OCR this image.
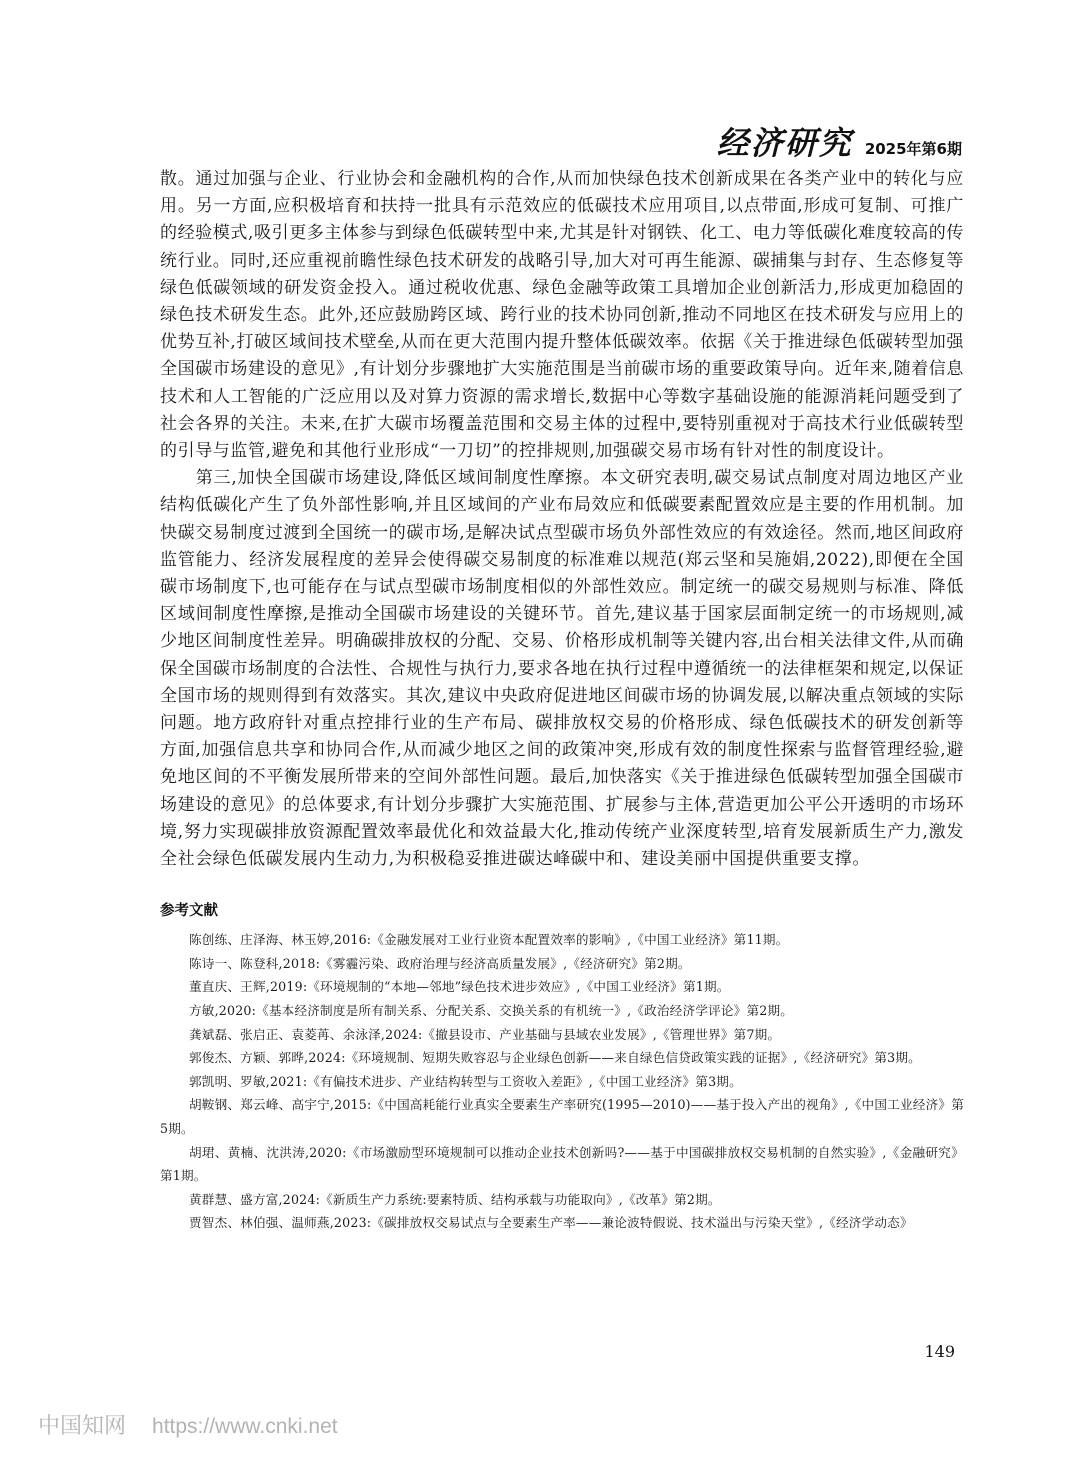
经济研究 2025年第6期

散。通过加强与企业、行业协会和金融机构的合作,从而加快绿色技术创新成果在各类产业中的转化与应用。另一方面,应积极培育和扶持一批具有示范效应的低碳技术应用项目,以点带面,形成可复制、可推广的经验模式,吸引更多主体参与到绿色低碳转型中来,尤其是针对钢铁、化工、电力等低碳化难度较高的传统行业。同时,还应重视前瞻性绿色技术研发的战略引导,加大对可再生能源、碳捕集与封存、生态修复等绿色低碳领域的研发资金投入。通过税收优惠、绿色金融等政策工具增加企业创新活力,形成更加稳固的绿色技术研发生态。此外,还应鼓励跨区域、跨行业的技术协同创新,推动不同地区在技术研发与应用上的优势互补,打破区域间技术壁垒,从而在更大范围内提升整体低碳效率。依据《关于推进绿色低碳转型加强全国碳市场建设的意见》,有计划分步骤地扩大实施范围是当前碳市场的重要政策导向。近年来,随着信息技术和人工智能的广泛应用以及对算力资源的需求增长,数据中心等数字基础设施的能源消耗问题受到了社会各界的关注。未来,在扩大碳市场覆盖范围和交易主体的过程中,要特别重视对于高技术行业低碳转型的引导与监管,避免和其他行业形成“一刀切”的控排规则,加强碳交易市场有针对性的制度设计。

第三,加快全国碳市场建设,降低区域间制度性摩擦。本文研究表明,碳交易试点制度对周边地区产业结构低碳化产生了负外部性影响,并且区域间的产业布局效应和低碳要素配置效应是主要的作用机制。加快碳交易制度过渡到全国统一的碳市场,是解决试点型碳市场负外部性效应的有效途径。然而,地区间政府监管能力、经济发展程度的差异会使得碳交易制度的标准难以规范(郑云坚和吴施娟,2022),即便在全国碳市场制度下,也可能存在与试点型碳市场制度相似的外部性效应。制定统一的碳交易规则与标准、降低区域间制度性摩擦,是推动全国碳市场建设的关键环节。首先,建议基于国家层面制定统一的市场规则,减少地区间制度性差异。明确碳排放权的分配、交易、价格形成机制等关键内容,出台相关法律文件,从而确保全国碳市场制度的合法性、合规性与执行力,要求各地在执行过程中遵循统一的法律框架和规定,以保证全国市场的规则得到有效落实。其次,建议中央政府促进地区间碳市场的协调发展,以解决重点领域的实际问题。地方政府针对重点控排行业的生产布局、碳排放权交易的价格形成、绿色低碳技术的研发创新等方面,加强信息共享和协同合作,从而减少地区之间的政策冲突,形成有效的制度性探索与监督管理经验,避免地区间的不平衡发展所带来的空间外部性问题。最后,加快落实《关于推进绿色低碳转型加强全国碳市场建设的意见》的总体要求,有计划分步骤扩大实施范围、扩展参与主体,营造更加公平公开透明的市场环境,努力实现碳排放资源配置效率最优化和效益最大化,推动传统产业深度转型,培育发展新质生产力,激发全社会绿色低碳发展内生动力,为积极稳妥推进碳达峰碳中和、建设美丽中国提供重要支撑。

参考文献
陈创练、庄泽海、林玉婷,2016:《金融发展对工业行业资本配置效率的影响》,《中国工业经济》第11期。
陈诗一、陈登科,2018:《雾霾污染、政府治理与经济高质量发展》,《经济研究》第2期。
董直庆、王辉,2019:《环境规制的“本地—邻地”绿色技术进步效应》,《中国工业经济》第1期。
方敏,2020:《基本经济制度是所有制关系、分配关系、交换关系的有机统一》,《政治经济学评论》第2期。
龚斌磊、张启正、袁菱苒、余泳泽,2024:《撤县设市、产业基础与县域农业发展》,《管理世界》第7期。
郭俊杰、方颖、郭晔,2024:《环境规制、短期失败容忍与企业绿色创新——来自绿色信贷政策实践的证据》,《经济研究》第3期。
郭凯明、罗敏,2021:《有偏技术进步、产业结构转型与工资收入差距》,《中国工业经济》第3期。
胡鞍钢、郑云峰、高宇宁,2015:《中国高耗能行业真实全要素生产率研究(1995—2010)——基于投入产出的视角》,《中国工业经济》第5期。
胡珺、黄楠、沈洪涛,2020:《市场激励型环境规制可以推动企业技术创新吗?——基于中国碳排放权交易机制的自然实验》,《金融研究》第1期。
黄群慧、盛方富,2024:《新质生产力系统:要素特质、结构承载与功能取向》,《改革》第2期。
贾智杰、林伯强、温师燕,2023:《碳排放权交易试点与全要素生产率——兼论波特假说、技术溢出与污染天堂》,《经济学动态》
149
中国知网 https://www.cnki.net
